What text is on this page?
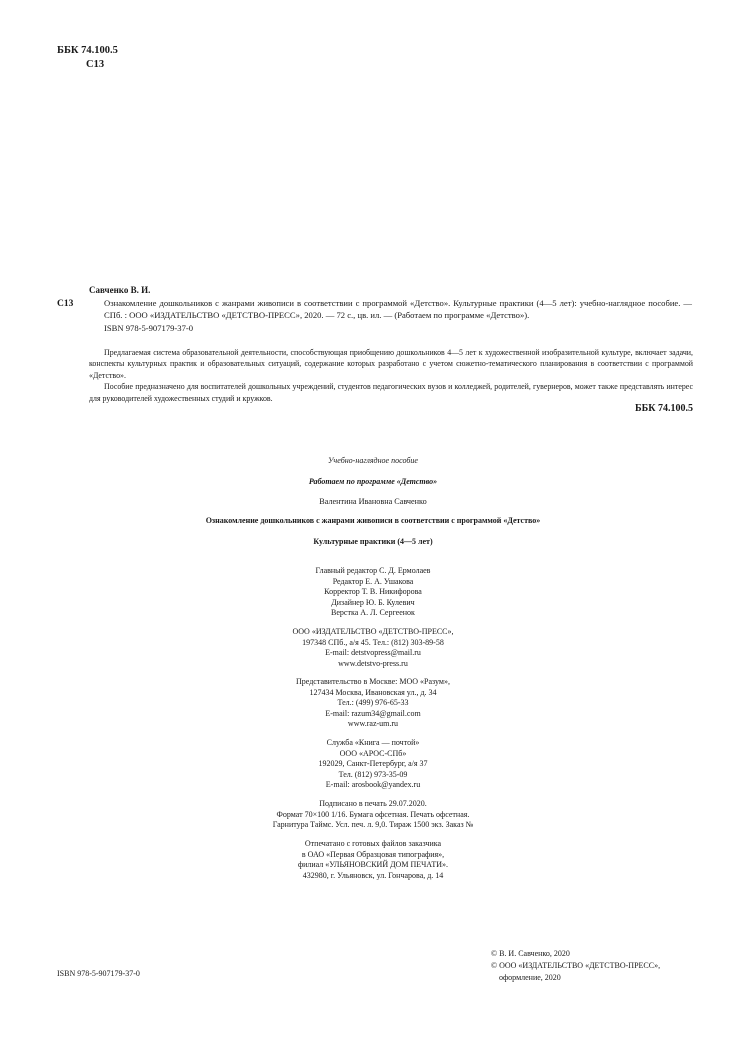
ББК 74.100.5
С13
Савченко В. И.
С13	Ознакомление дошкольников с жанрами живописи в соответствии с программой «Детство». Культурные практики (4—5 лет): учебно-наглядное пособие. — СПб. : ООО «ИЗДАТЕЛЬСТВО «ДЕТСТВО-ПРЕСС», 2020. — 72 с., цв. ил. — (Работаем по программе «Детство»).

ISBN 978-5-907179-37-0

Предлагаемая система образовательной деятельности, способствующая приобщению дошкольников 4—5 лет к художественной изобразительной культуре, включает задачи, конспекты культурных практик и образовательных ситуаций, содержание которых разработано с учетом сюжетно-тематического планирования в соответствии с программой «Детство».

Пособие предназначено для воспитателей дошкольных учреждений, студентов педагогических вузов и колледжей, родителей, гувернеров, может также представлять интерес для руководителей художественных студий и кружков.

ББК 74.100.5
Учебно-наглядное пособие
Работаем по программе «Детство»
Валентина Ивановна Савченко
Ознакомление дошкольников с жанрами живописи в соответствии с программой «Детство»
Культурные практики (4—5 лет)
Главный редактор С. Д. Ермолаев
Редактор Е. А. Ушакова
Корректор Т. В. Никифорова
Дизайнер Ю. Б. Кулевич
Верстка А. Л. Сергеенок
ООО «ИЗДАТЕЛЬСТВО «ДЕТСТВО-ПРЕСС»,
197348 СПб., а/я 45. Тел.: (812) 303-89-58
E-mail: detstvopress@mail.ru
www.detstvo-press.ru
Представительство в Москве: МОО «Разум»,
127434 Москва, Ивановская ул., д. 34
Тел.: (499) 976-65-33
E-mail: razum34@gmail.com
www.raz-um.ru
Служба «Книга — почтой»
ООО «АРОС-СПб»
192029, Санкт-Петербург, а/я 37
Тел. (812) 973-35-09
E-mail: arosbook@yandex.ru
Подписано в печать 29.07.2020.
Формат 70×100 1/16. Бумага офсетная. Печать офсетная.
Гарнитура Таймс. Усл. печ. л. 9,0. Тираж 1500 экз. Заказ №
Отпечатано с готовых файлов заказчика
в ОАО «Первая Образцовая типография»,
филиал «УЛЬЯНОВСКИЙ ДОМ ПЕЧАТИ».
432980, г. Ульяновск, ул. Гончарова, д. 14
© В. И. Савченко, 2020
© ООО «ИЗДАТЕЛЬСТВО «ДЕТСТВО-ПРЕСС»,
оформление, 2020
ISBN 978-5-907179-37-0
